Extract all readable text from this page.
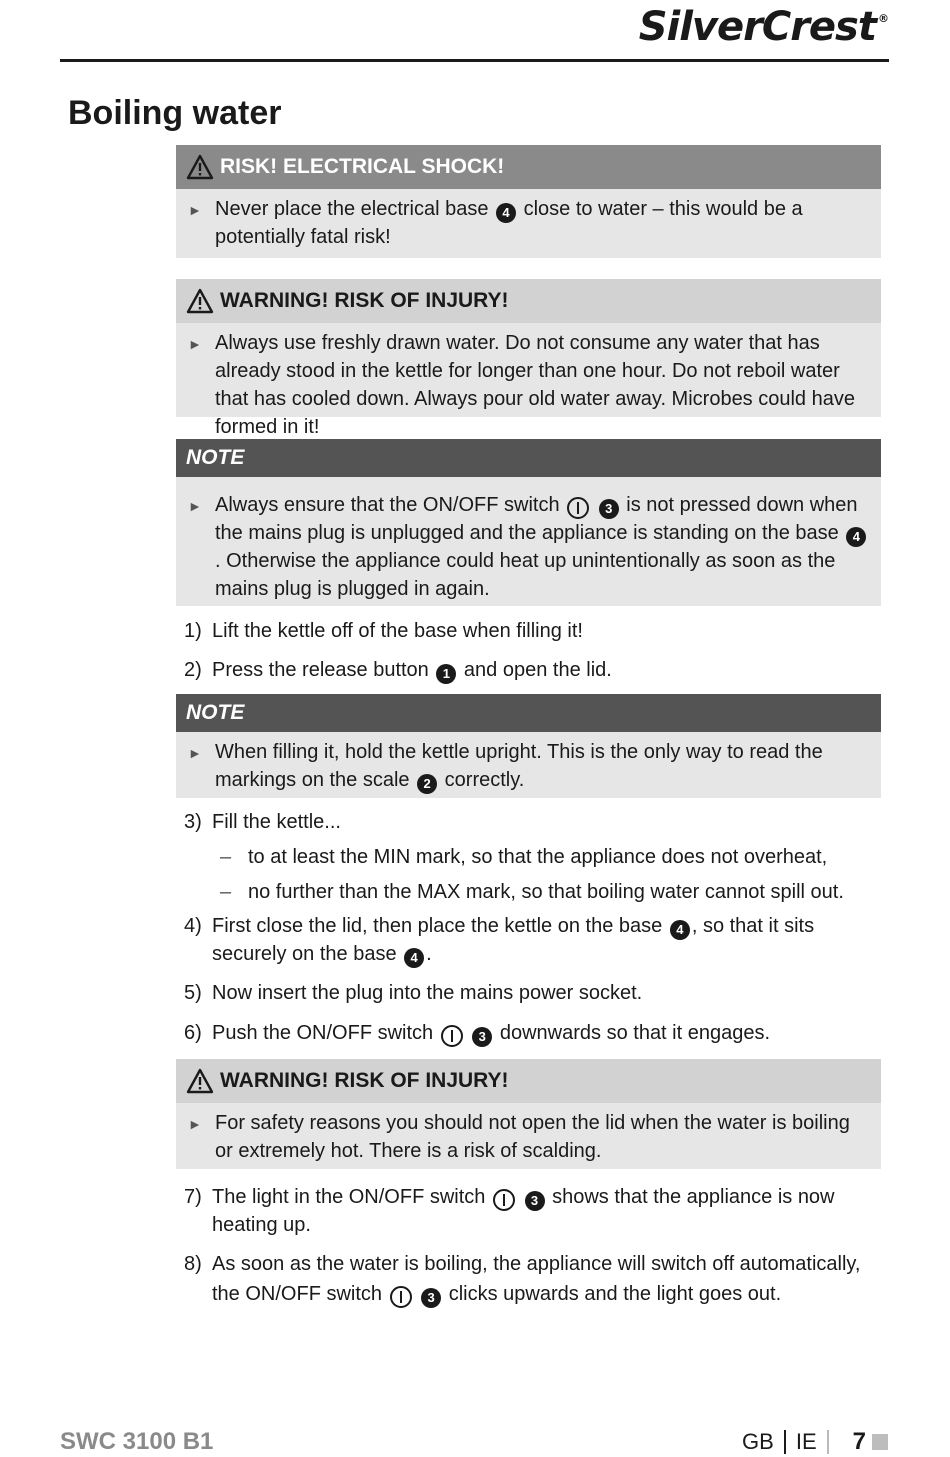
SilverCrest ®
Boiling water
RISK! ELECTRICAL SHOCK!
► Never place the electrical base 4 close to water – this would be a potentially fatal risk!
WARNING! RISK OF INJURY!
► Always use freshly drawn water. Do not consume any water that has already stood in the kettle for longer than one hour. Do not reboil water that has cooled down. Always pour old water away. Microbes could have formed in it!
NOTE
► Always ensure that the ON/OFF switch	3 is not pressed down when the mains plug is unplugged and the appliance is standing on the base 4. Otherwise the appliance could heat up unintentionally as soon as the mains plug is plugged in again.
1) Lift the kettle off of the base when filling it!
2) Press the release button 1 and open the lid.
NOTE
► When filling it, hold the kettle upright. This is the only way to read the markings on the scale 2 correctly.
3) Fill the kettle...
– to at least the MIN mark, so that the appliance does not overheat,
– no further than the MAX mark, so that boiling water cannot spill out.
4) First close the lid, then place the kettle on the base 4 , so that it sits securely on the base 4 .
5) Now insert the plug into the mains power socket.
6) Push the ON/OFF switch	3 downwards so that it engages.
WARNING! RISK OF INJURY!
► For safety reasons you should not open the lid when the water is boiling or extremely hot. There is a risk of scalding.
7) The light in the ON/OFF switch	3 shows that the appliance is now heating up.
8) As soon as the water is boiling, the appliance will switch off automatically, the ON/OFF switch	3 clicks upwards and the light goes out.
SWC 3100 B1	GB IE 7
